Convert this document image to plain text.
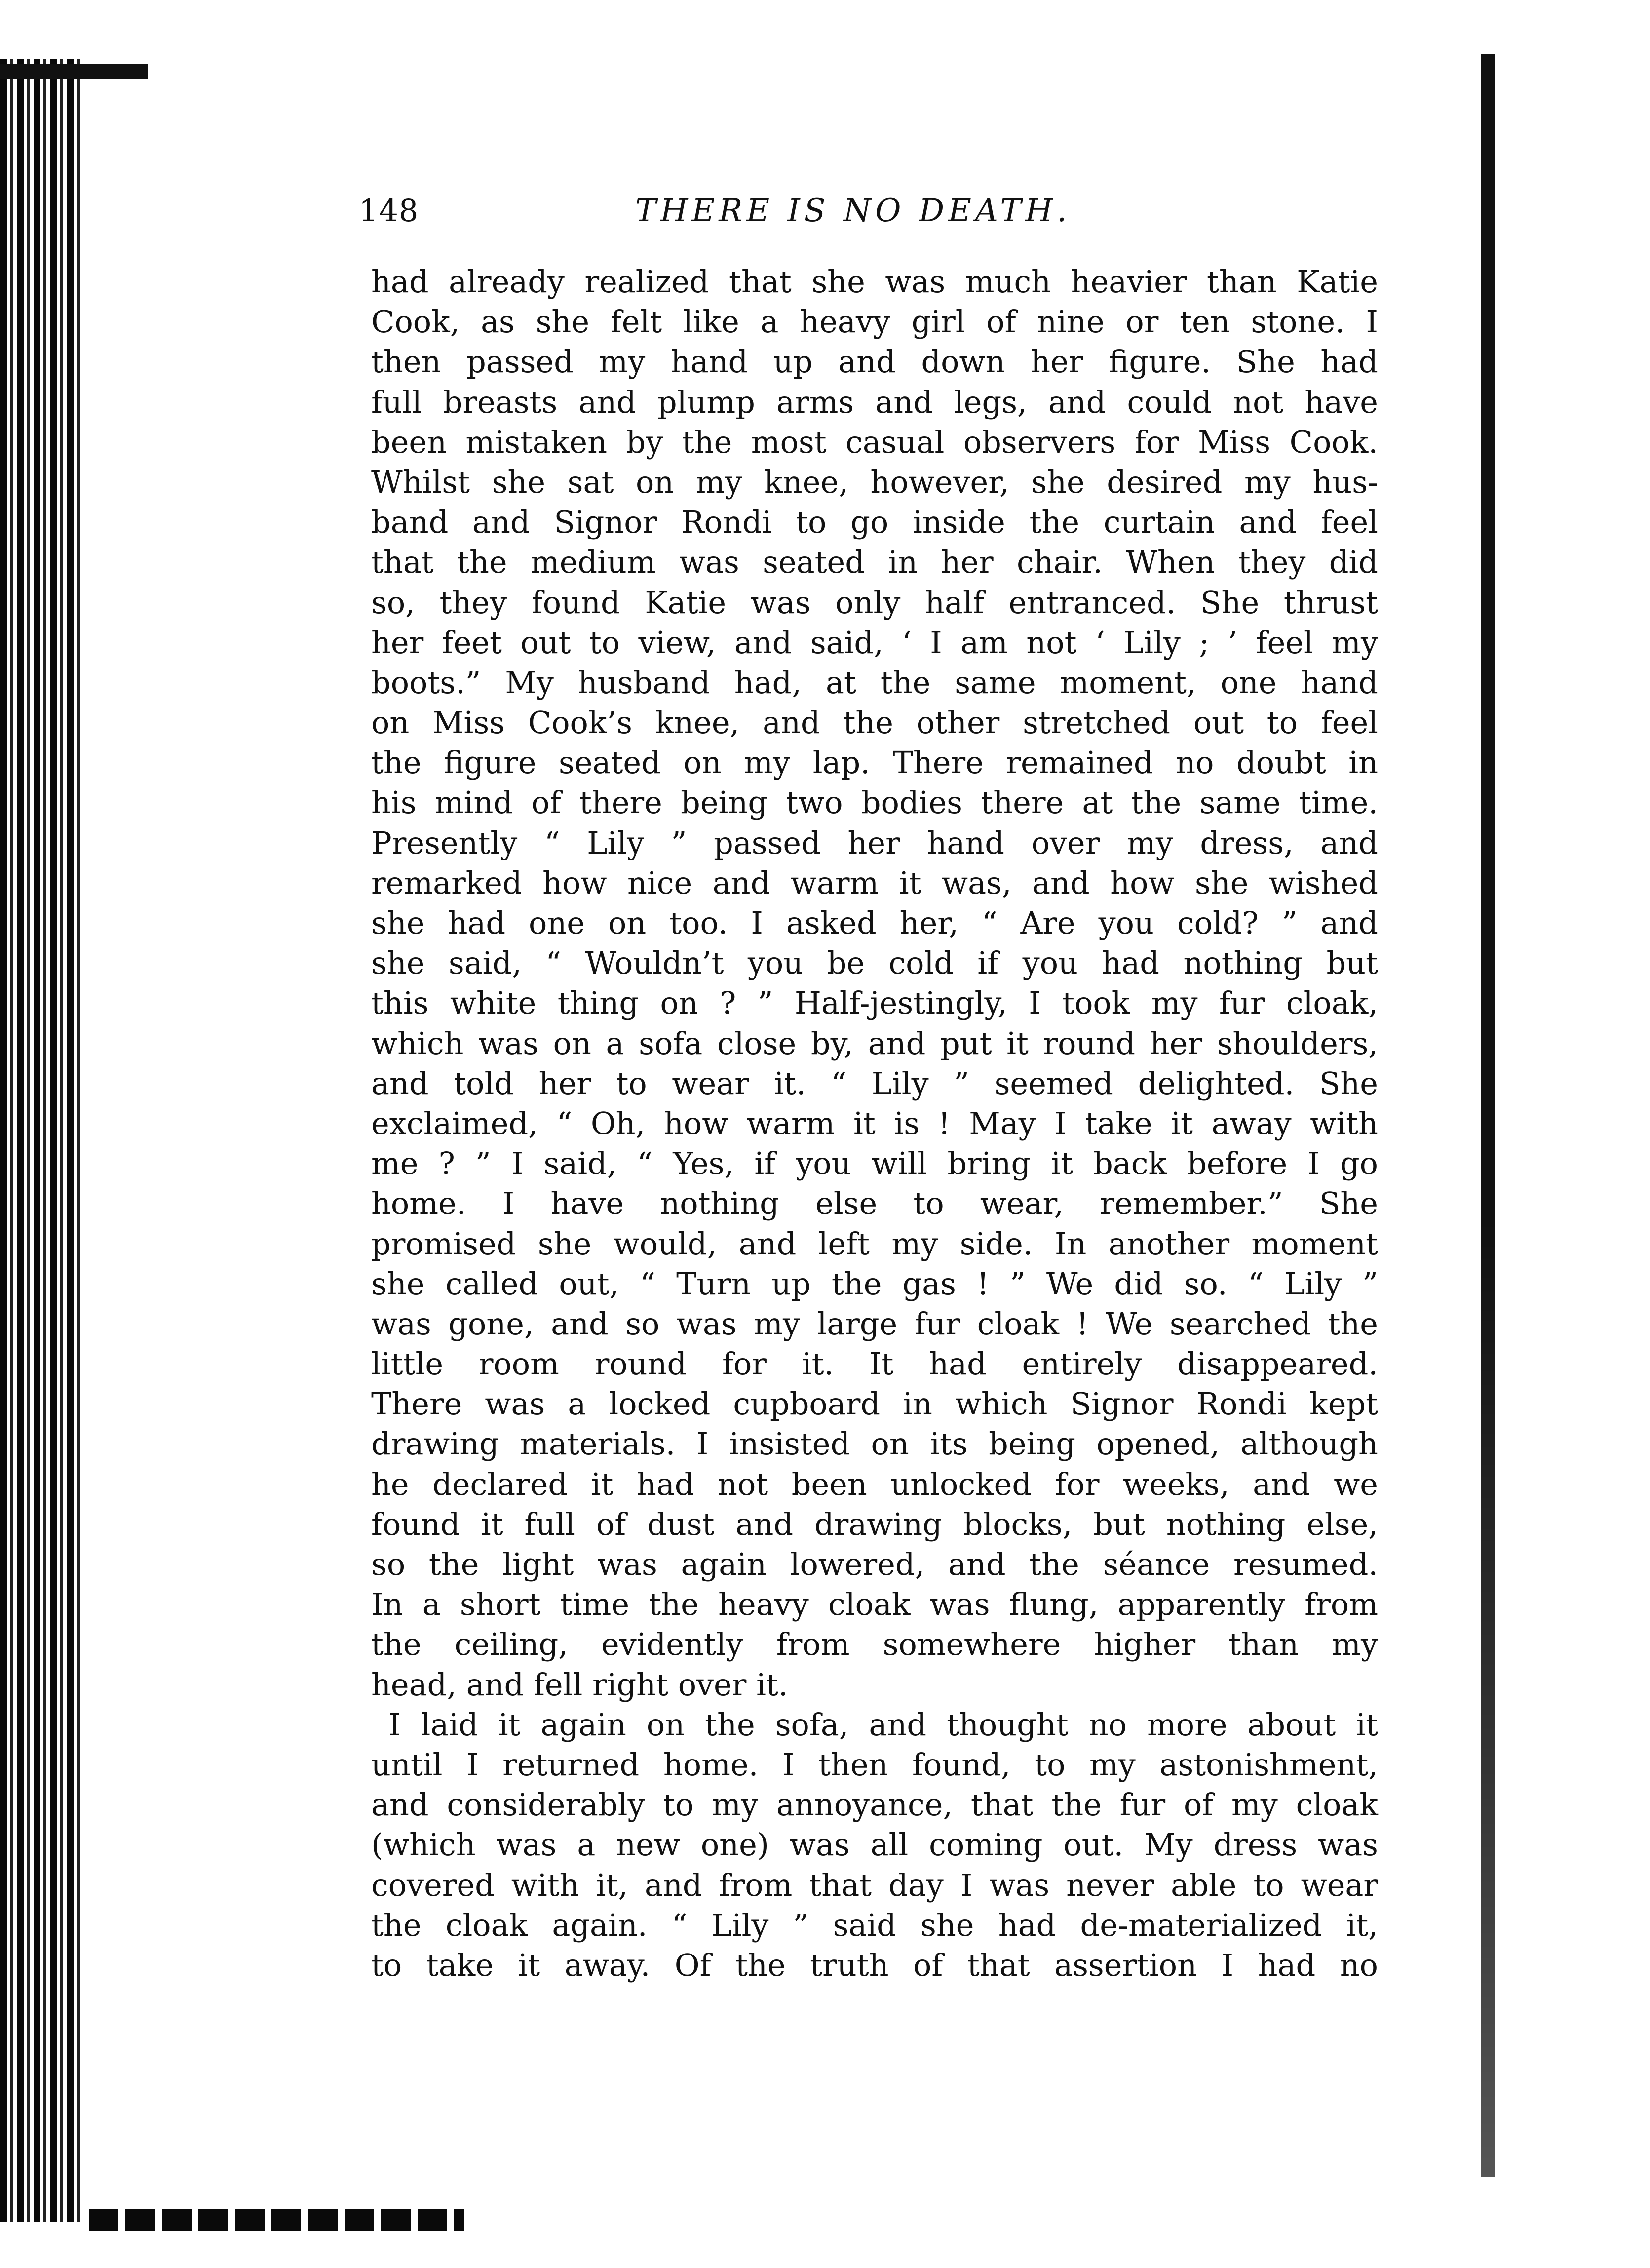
148	THERE IS NO DEATH.
had already realized that she was much heavier than Katie
Cook, as she felt like a heavy girl of nine or ten stone. I
then passed my hand up and down her figure. She had
full breasts and plump arms and legs, and could not have
been mistaken by the most casual observers for Miss Cook.
Whilst she sat on my knee, however, she desired my hus-
band and Signor Rondi to go inside the curtain and feel
that the medium was seated in her chair. When they did
so, they found Katie was only half entranced. She thrust
her feet out to view, and said, ‘ I am not ‘ Lily ; ’ feel my
boots.” My husband had, at the same moment, one hand
on Miss Cook’s knee, and the other stretched out to feel
the figure seated on my lap. There remained no doubt in
his mind of there being two bodies there at the same time.
Presently “ Lily ” passed her hand over my dress, and
remarked how nice and warm it was, and how she wished
she had one on too. I asked her, “ Are you cold? ” and
she said, “ Wouldn’t you be cold if you had nothing but
this white thing on ? ” Half-jestingly, I took my fur cloak,
which was on a sofa close by, and put it round her shoulders,
and told her to wear it. “ Lily ” seemed delighted. She
exclaimed, “ Oh, how warm it is ! May I take it away with
me ? ” I said, “ Yes, if you will bring it back before I go
home. I have nothing else to wear, remember.” She
promised she would, and left my side. In another moment
she called out, “ Turn up the gas ! ” We did so. “ Lily ”
was gone, and so was my large fur cloak ! We searched the
little room round for it. It had entirely disappeared.
There was a locked cupboard in which Signor Rondi kept
drawing materials. I insisted on its being opened, although
he declared it had not been unlocked for weeks, and we
found it full of dust and drawing blocks, but nothing else,
so the light was again lowered, and the séance resumed.
In a short time the heavy cloak was flung, apparently from
the ceiling, evidently from somewhere higher than my
head, and fell right over it.
I laid it again on the sofa, and thought no more about it
until I returned home. I then found, to my astonishment,
and considerably to my annoyance, that the fur of my cloak
(which was a new one) was all coming out. My dress was
covered with it, and from that day I was never able to wear
the cloak again. “ Lily ” said she had de-materialized it,
to take it away. Of the truth of that assertion I had no
